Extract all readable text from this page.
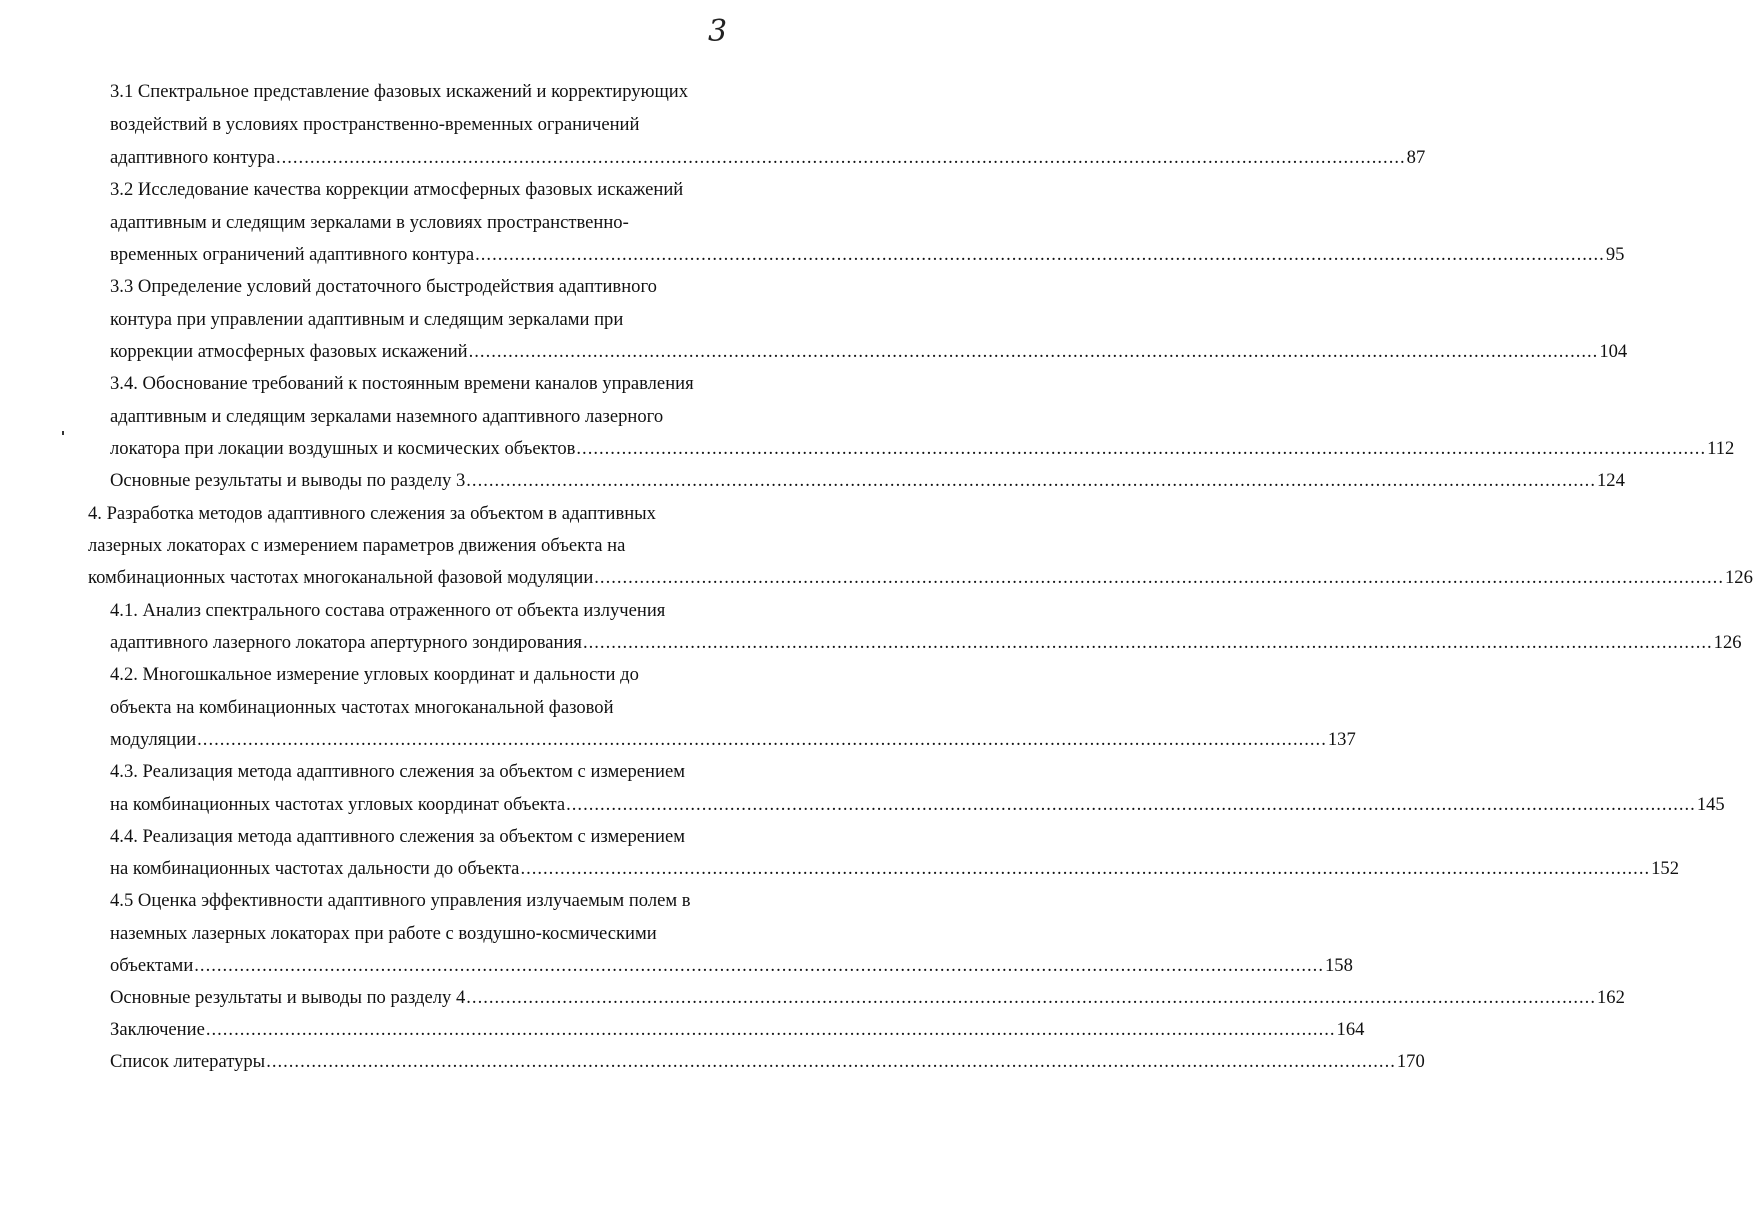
3
3.1 Спектральное представление фазовых искажений и корректирующих
воздействий в условиях пространственно-временных ограничений
адаптивного контура ........................................................................................................................................................................................................ 87
3.2 Исследование качества коррекции атмосферных фазовых искажений
адаптивным и следящим зеркалами в условиях пространственно-
временных ограничений адаптивного контура ........................................................................................................................................................................................................ 95
3.3 Определение условий достаточного быстродействия адаптивного
контура при управлении адаптивным и следящим зеркалами при
коррекции атмосферных фазовых искажений ........................................................................................................................................................................................................ 104
3.4. Обоснование требований к постоянным времени каналов управления
адаптивным и следящим зеркалами наземного адаптивного лазерного
локатора при локации воздушных и космических объектов ........................................................................................................................................................................................................ 112
Основные результаты и выводы по разделу 3 ........................................................................................................................................................................................................ 124
4. Разработка методов адаптивного слежения за объектом в адаптивных
лазерных локаторах с измерением параметров движения объекта на
комбинационных частотах многоканальной фазовой модуляции ........................................................................................................................................................................................................ 126
4.1. Анализ спектрального состава отраженного от объекта излучения
адаптивного лазерного локатора апертурного зондирования ........................................................................................................................................................................................................ 126
4.2. Многошкальное измерение угловых координат и дальности до
объекта на комбинационных частотах многоканальной фазовой
модуляции ........................................................................................................................................................................................................ 137
4.3. Реализация метода адаптивного слежения за объектом с измерением
на комбинационных частотах угловых координат объекта ........................................................................................................................................................................................................ 145
4.4. Реализация метода адаптивного слежения за объектом с измерением
на комбинационных частотах дальности до объекта ........................................................................................................................................................................................................ 152
4.5 Оценка эффективности адаптивного управления излучаемым полем в
наземных лазерных локаторах при работе с воздушно-космическими
объектами ........................................................................................................................................................................................................ 158
Основные результаты и выводы по разделу 4 ........................................................................................................................................................................................................ 162
Заключение ........................................................................................................................................................................................................ 164
Список литературы ........................................................................................................................................................................................................ 170
